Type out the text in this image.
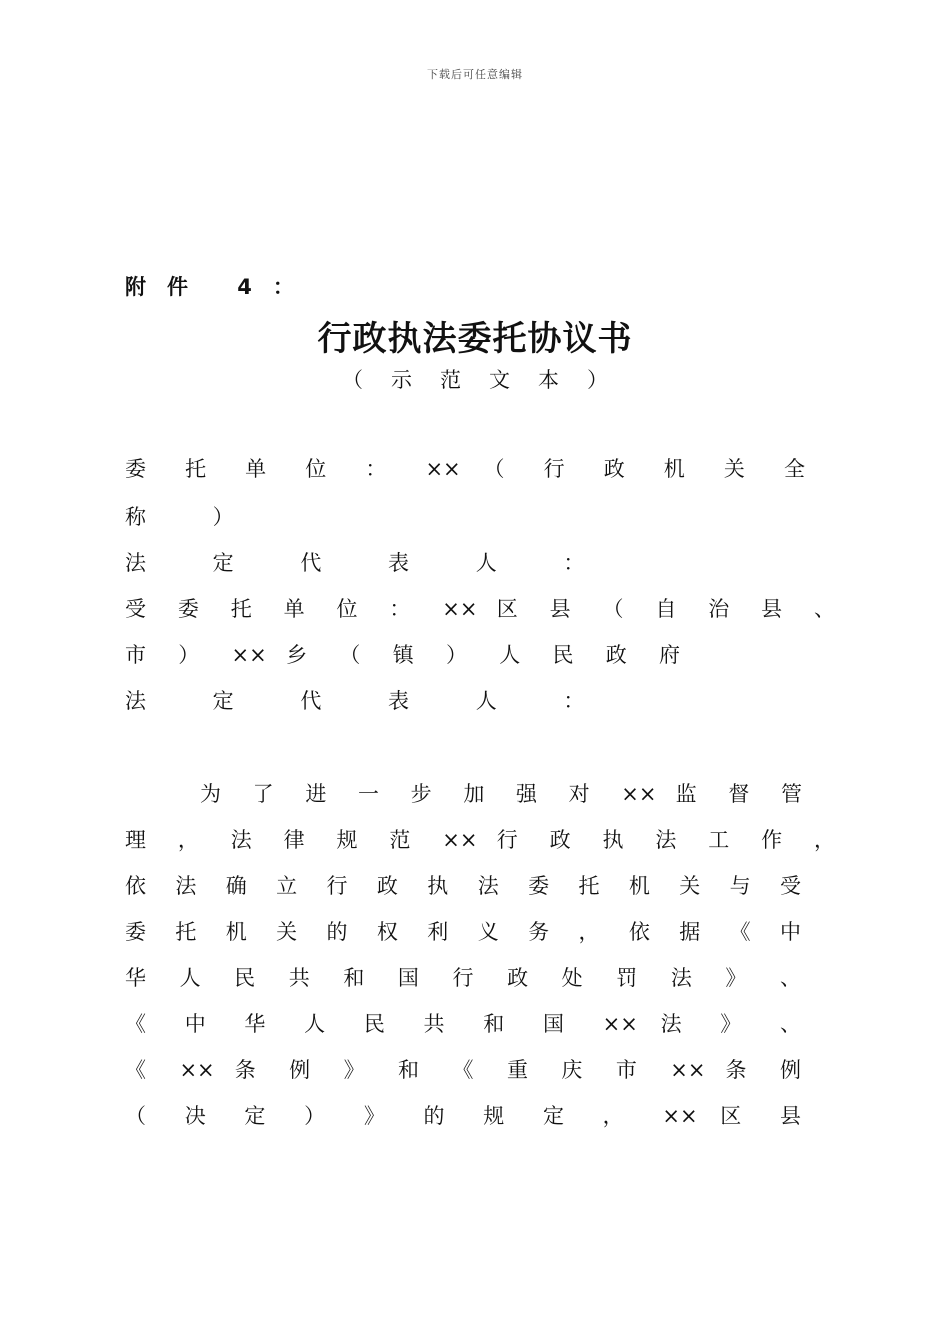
下载后可任意编辑
附件 4：
行政执法委托协议书
（示范文本）
委 托 单 位 ： ×× （ 行 政 机 关 全
称 ）
法 定 代 表 人 ：
受 委 托 单 位 ： ×× 区 县 （ 自 治 县 、
市 ） ×× 乡 （ 镇 ） 人 民 政 府
法 定 代 表 人 ：
为 了 进 一 步 加 强 对 ×× 监 督 管
理 ， 法 律 规 范 ×× 行 政 执 法 工 作 ，
依 法 确 立 行 政 执 法 委 托 机 关 与 受
委 托 机 关 的 权 利 义 务 ， 依 据 《 中
华 人 民 共 和 国 行 政 处 罚 法 》 、
《 中 华 人 民 共 和 国 ×× 法 》 、
《 ×× 条 例 》 和 《 重 庆 市 ×× 条 例
（ 决 定 ） 》 的 规 定 ， ×× 区 县
